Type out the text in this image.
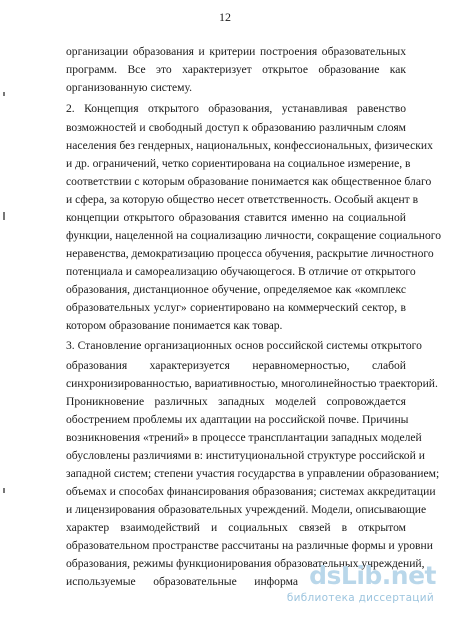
12
организации образования и критерии построения образовательных
программ. Все это характеризует открытое образование как
организованную систему.
2. Концепция открытого образования, устанавливая равенство
возможностей и свободный доступ к образованию различным слоям
населения без гендерных, национальных, конфессиональных, физических
и др. ограничений, четко сориентирована на социальное измерение, в
соответствии с которым образование понимается как общественное благо
и сфера, за которую общество несет ответственность. Особый акцент в
концепции открытого образования ставится именно на социальной
функции, нацеленной на социализацию личности, сокращение социального
неравенства, демократизацию процесса обучения, раскрытие личностного
потенциала и самореализацию обучающегося. В отличие от открытого
образования, дистанционное обучение, определяемое как «комплекс
образовательных услуг» сориентировано на коммерческий сектор, в
котором образование понимается как товар.
3. Становление организационных основ российской системы открытого
образования характеризуется неравномерностью, слабой
синхронизированностью, вариативностью, многолинейностью траекторий.
Проникновение различных западных моделей сопровождается
обострением проблемы их адаптации на российской почве. Причины
возникновения «трений» в процессе трансплантации западных моделей
обусловлены различиями в: институциональной структуре российской и
западной систем; степени участия государства в управлении образованием;
объемах и способах финансирования образования; системах аккредитации
и лицензирования образовательных учреждений. Модели, описывающие
характер взаимодействий и социальных связей в открытом
образовательном пространстве рассчитаны на различные формы и уровни
образования, режимы функционирования образовательных учреждений,
используемые образовательные информа dsLib.net
библиотека диссертаций
